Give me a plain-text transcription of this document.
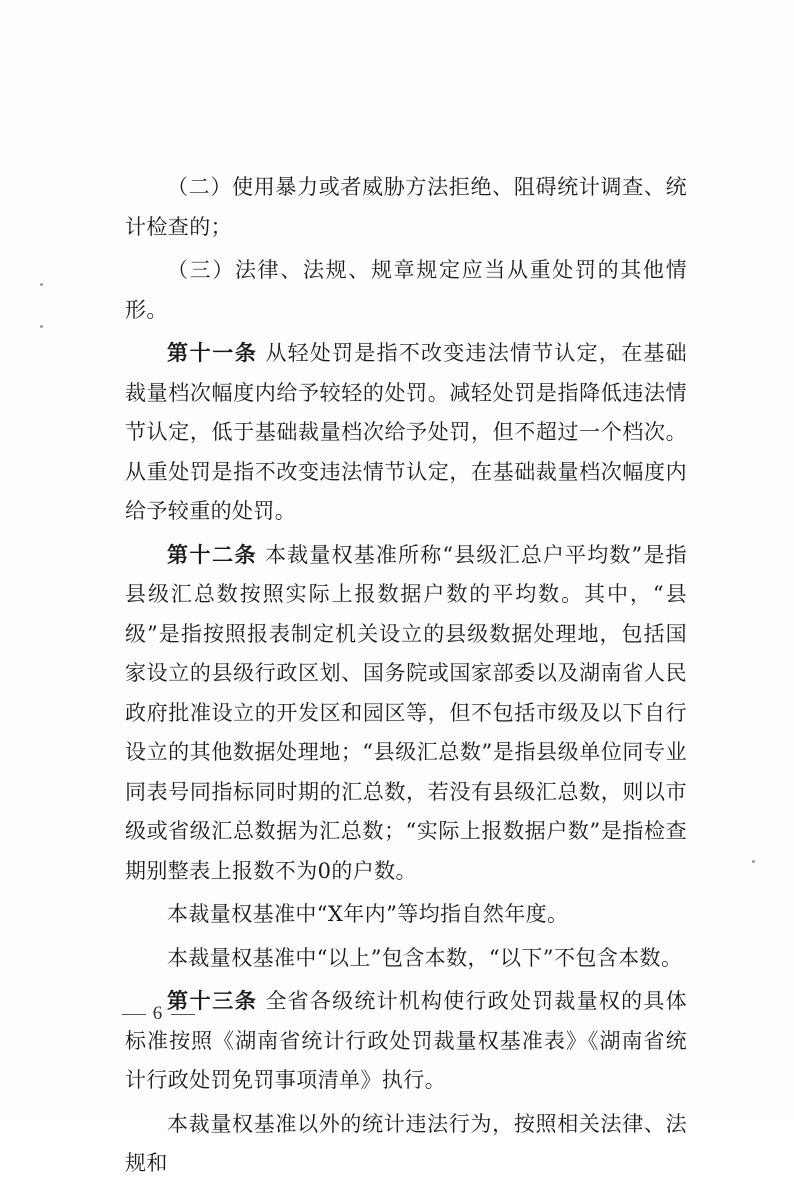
（二）使用暴力或者威胁方法拒绝、阻碍统计调查、统计检查的；

（三）法律、法规、规章规定应当从重处罚的其他情形。

第十一条 从轻处罚是指不改变违法情节认定，在基础裁量档次幅度内给予较轻的处罚。减轻处罚是指降低违法情节认定，低于基础裁量档次给予处罚，但不超过一个档次。从重处罚是指不改变违法情节认定，在基础裁量档次幅度内给予较重的处罚。

第十二条 本裁量权基准所称“县级汇总户平均数”是指县级汇总数按照实际上报数据户数的平均数。其中，“县级”是指按照报表制定机关设立的县级数据处理地，包括国家设立的县级行政区划、国务院或国家部委以及湖南省人民政府批准设立的开发区和园区等，但不包括市级及以下自行设立的其他数据处理地；“县级汇总数”是指县级单位同专业同表号同指标同时期的汇总数，若没有县级汇总数，则以市级或省级汇总数据为汇总数；“实际上报数据户数”是指检查期别整表上报数不为0的户数。

本裁量权基准中“X年内”等均指自然年度。

本裁量权基准中“以上”包含本数，“以下”不包含本数。

第十三条 全省各级统计机构使行政处罚裁量权的具体标准按照《湖南省统计行政处罚裁量权基准表》《湖南省统计行政处罚免罚事项清单》执行。

本裁量权基准以外的统计违法行为，按照相关法律、法规和

6
